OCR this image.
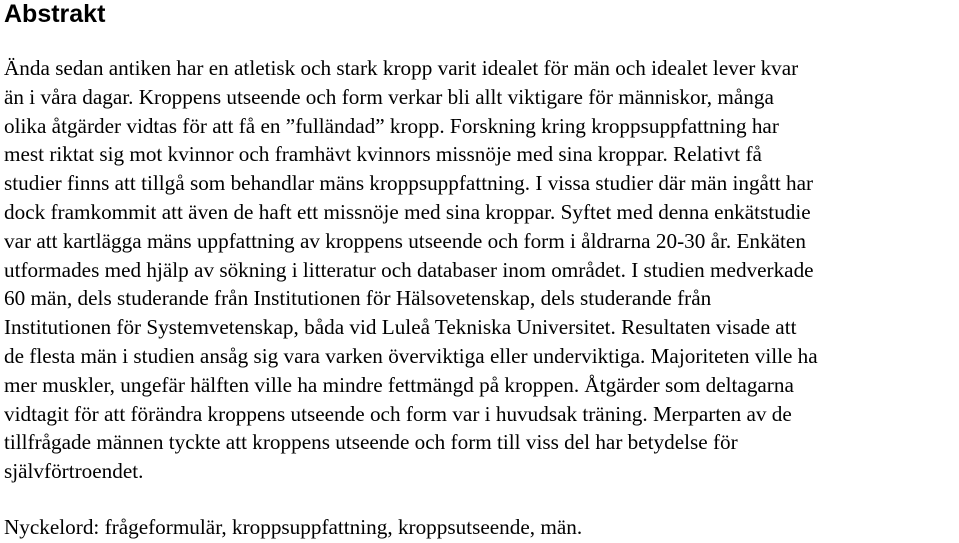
Abstrakt
Ända sedan antiken har en atletisk och stark kropp varit idealet för män och idealet lever kvar
än i våra dagar. Kroppens utseende och form verkar bli allt viktigare för människor, många
olika åtgärder vidtas för att få en ”fulländad” kropp. Forskning kring kroppsuppfattning har
mest riktat sig mot kvinnor och framhävt kvinnors missnöje med sina kroppar. Relativt få
studier finns att tillgå som behandlar mäns kroppsuppfattning. I vissa studier där män ingått har
dock framkommit att även de haft ett missnöje med sina kroppar. Syftet med denna enkätstudie
var att kartlägga mäns uppfattning av kroppens utseende och form i åldrarna 20-30 år. Enkäten
utformades med hjälp av sökning i litteratur och databaser inom området. I studien medverkade
60 män, dels studerande från Institutionen för Hälsovetenskap, dels studerande från
Institutionen för Systemvetenskap, båda vid Luleå Tekniska Universitet. Resultaten visade att
de flesta män i studien ansåg sig vara varken överviktiga eller underviktiga. Majoriteten ville ha
mer muskler, ungefär hälften ville ha mindre fettmängd på kroppen. Åtgärder som deltagarna
vidtagit för att förändra kroppens utseende och form var i huvudsak träning. Merparten av de
tillfrågade männen tyckte att kroppens utseende och form till viss del har betydelse för
självförtroendet.

Nyckelord: frågeformulär, kroppsuppfattning, kroppsutseende, män.
